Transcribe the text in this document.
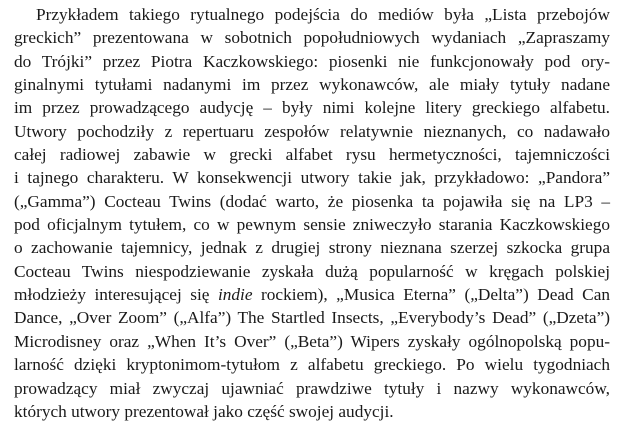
Przykładem takiego rytualnego podejścia do mediów była „Lista przebojów
greckich” prezentowana w sobotnich popołudniowych wydaniach „Zapraszamy
do Trójki” przez Piotra Kaczkowskiego: piosenki nie funkcjonowały pod ory-
ginalnymi tytułami nadanymi im przez wykonawców, ale miały tytuły nadane
im przez prowadzącego audycję – były nimi kolejne litery greckiego alfabetu.
Utwory pochodziły z repertuaru zespołów relatywnie nieznanych, co nadawało
całej radiowej zabawie w grecki alfabet rysu hermetyczności, tajemniczości
i tajnego charakteru. W konsekwencji utwory takie jak, przykładowo: „Pandora”
(„Gamma”) Cocteau Twins (dodać warto, że piosenka ta pojawiła się na LP3 –
pod oficjalnym tytułem, co w pewnym sensie zniweczyło starania Kaczkowskiego
o zachowanie tajemnicy, jednak z drugiej strony nieznana szerzej szkocka grupa
Cocteau Twins niespodziewanie zyskała dużą popularność w kręgach polskiej
młodzieży interesującej się indie rockiem), „Musica Eterna” („Delta”) Dead Can
Dance, „Over Zoom” („Alfa”) The Startled Insects, „Everybody’s Dead” („Dzeta”)
Microdisney oraz „When It’s Over” („Beta”) Wipers zyskały ogólnopolską popu-
larność dzięki kryptonimom-tytułom z alfabetu greckiego. Po wielu tygodniach
prowadzący miał zwyczaj ujawniać prawdziwe tytuły i nazwy wykonawców,
których utwory prezentował jako część swojej audycji.
